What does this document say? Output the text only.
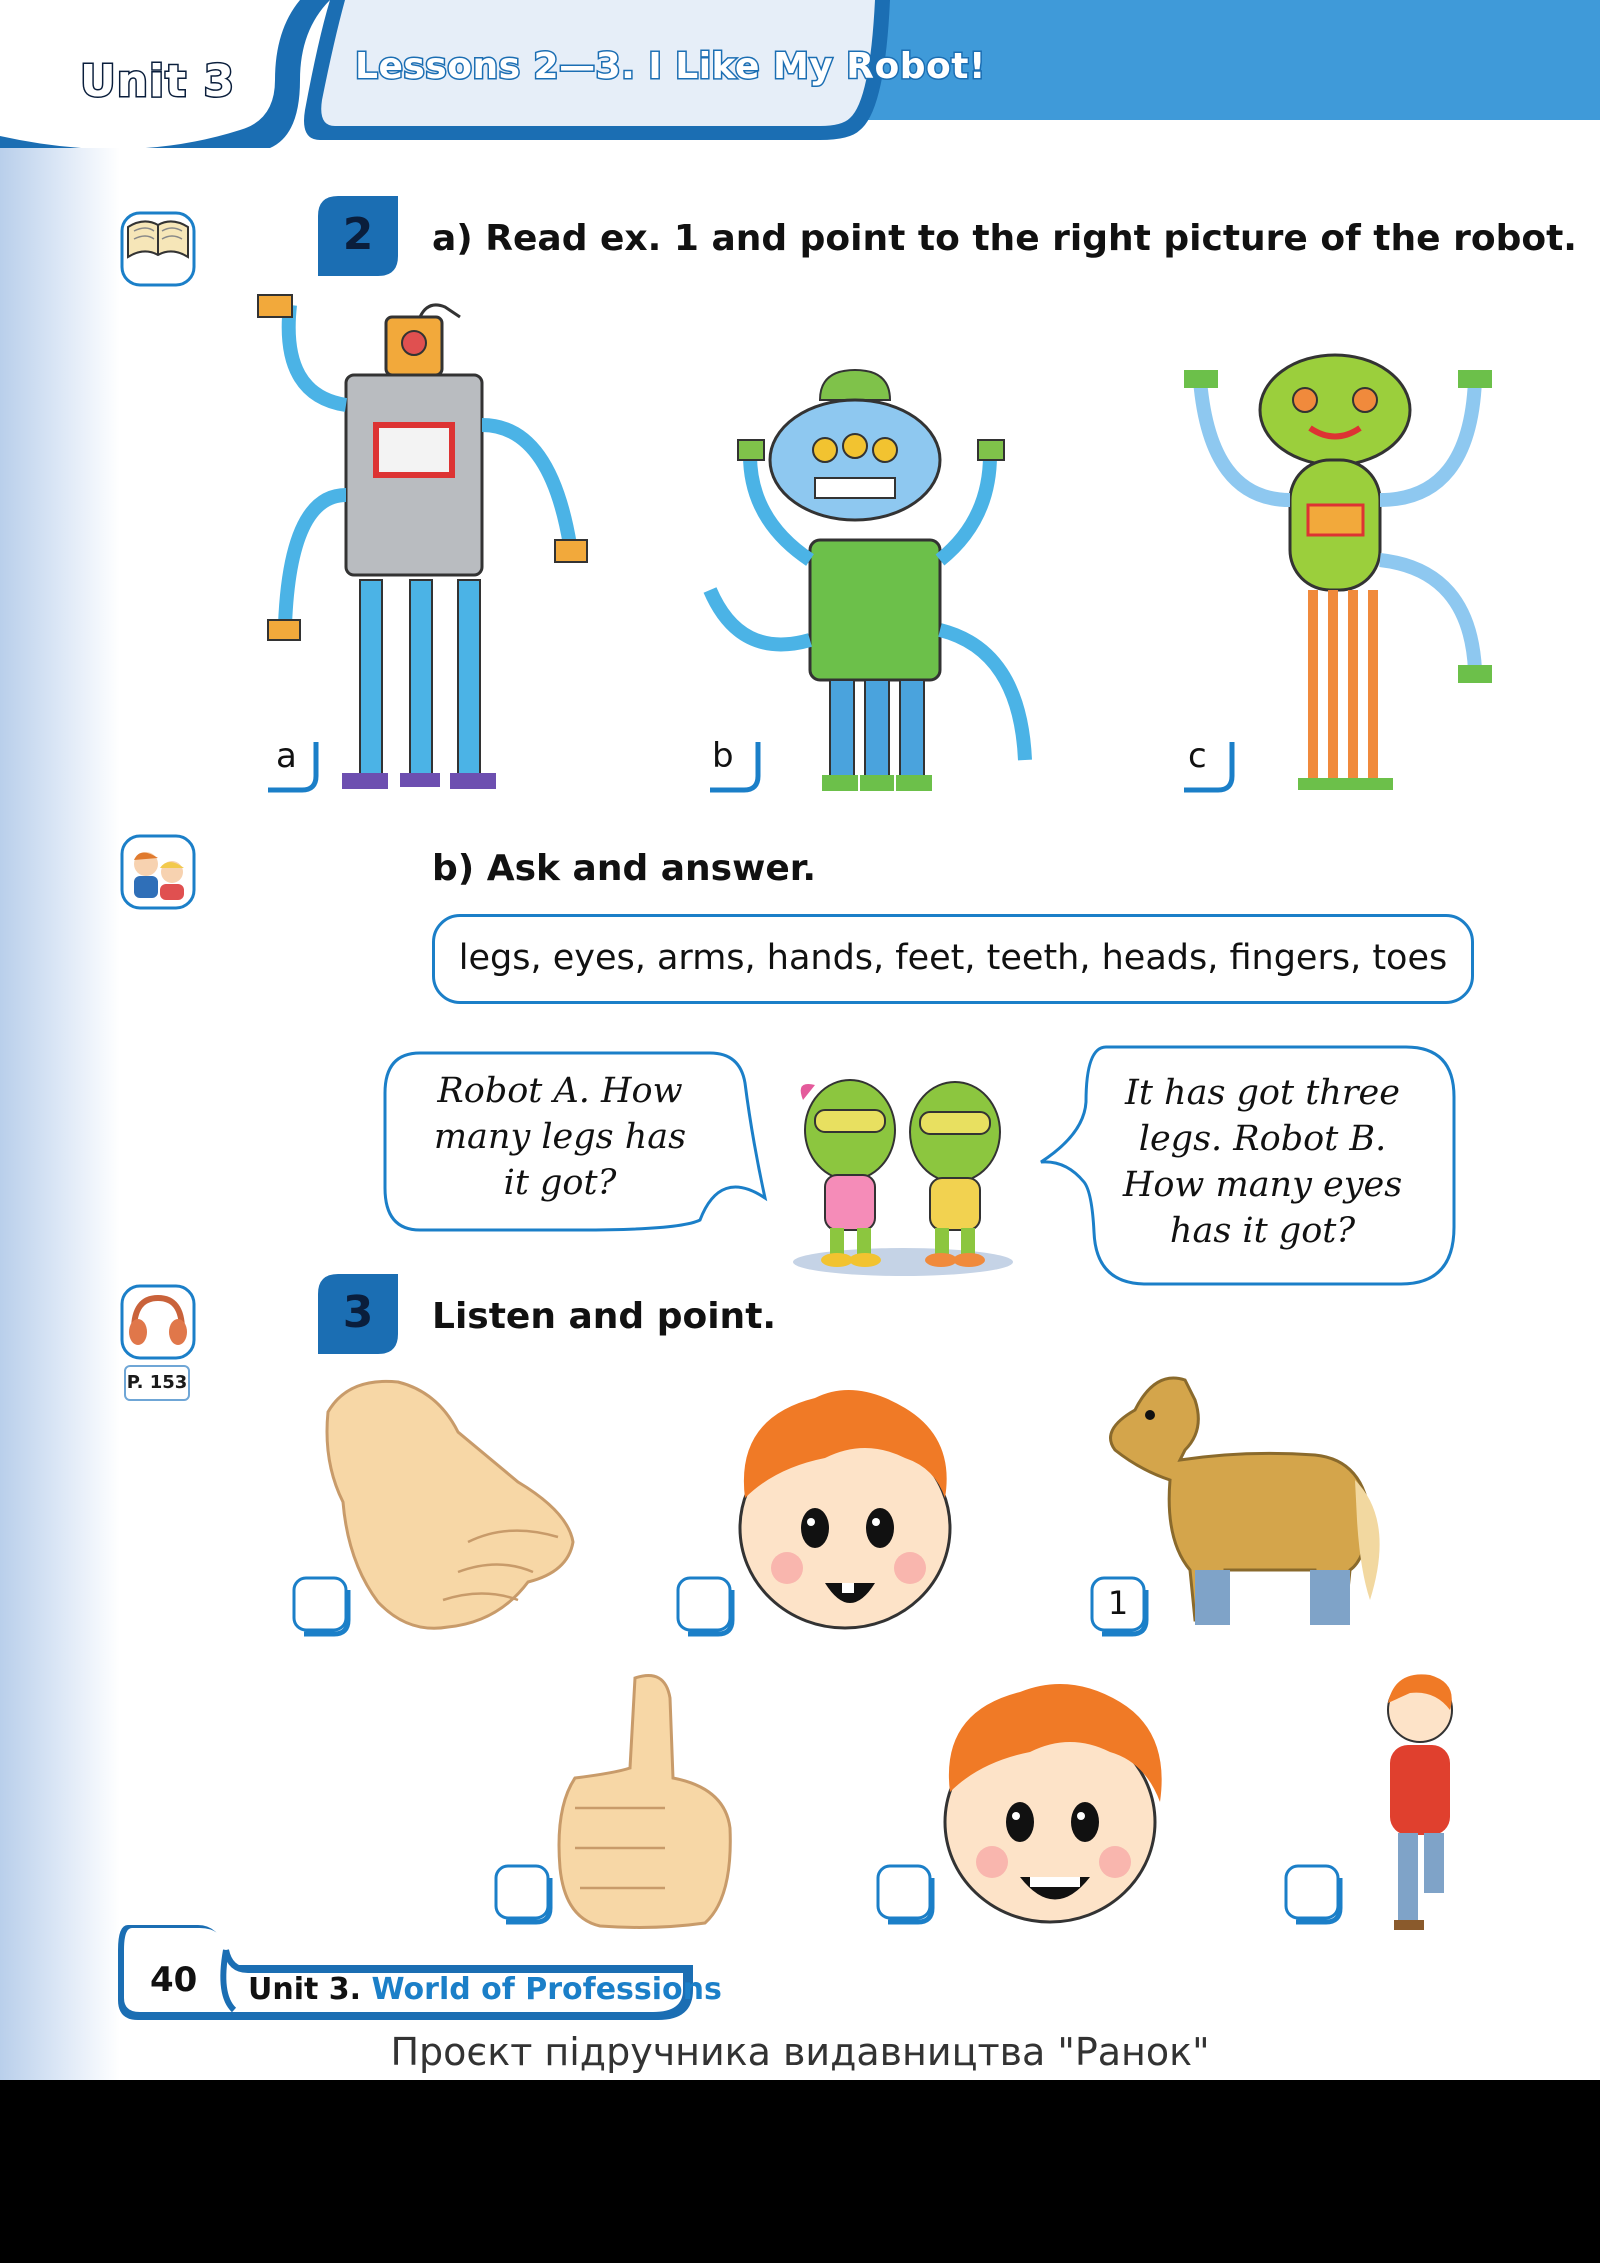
Unit 3	Lessons 2—3. I Like My Robot!
P. 153
2	a) Read ex. 1 and point to the right picture of the robot.
a	b	c
b) Ask and answer.
legs, eyes, arms, hands, feet, teeth, heads, fingers, toes
Robot A. How
many legs has
it got?
It has got three
legs. Robot B.
How many eyes
has it got?
3	Listen and point.
1
40 Unit 3. World of Professions
Проєкт підручника видавництва "Ранок"
